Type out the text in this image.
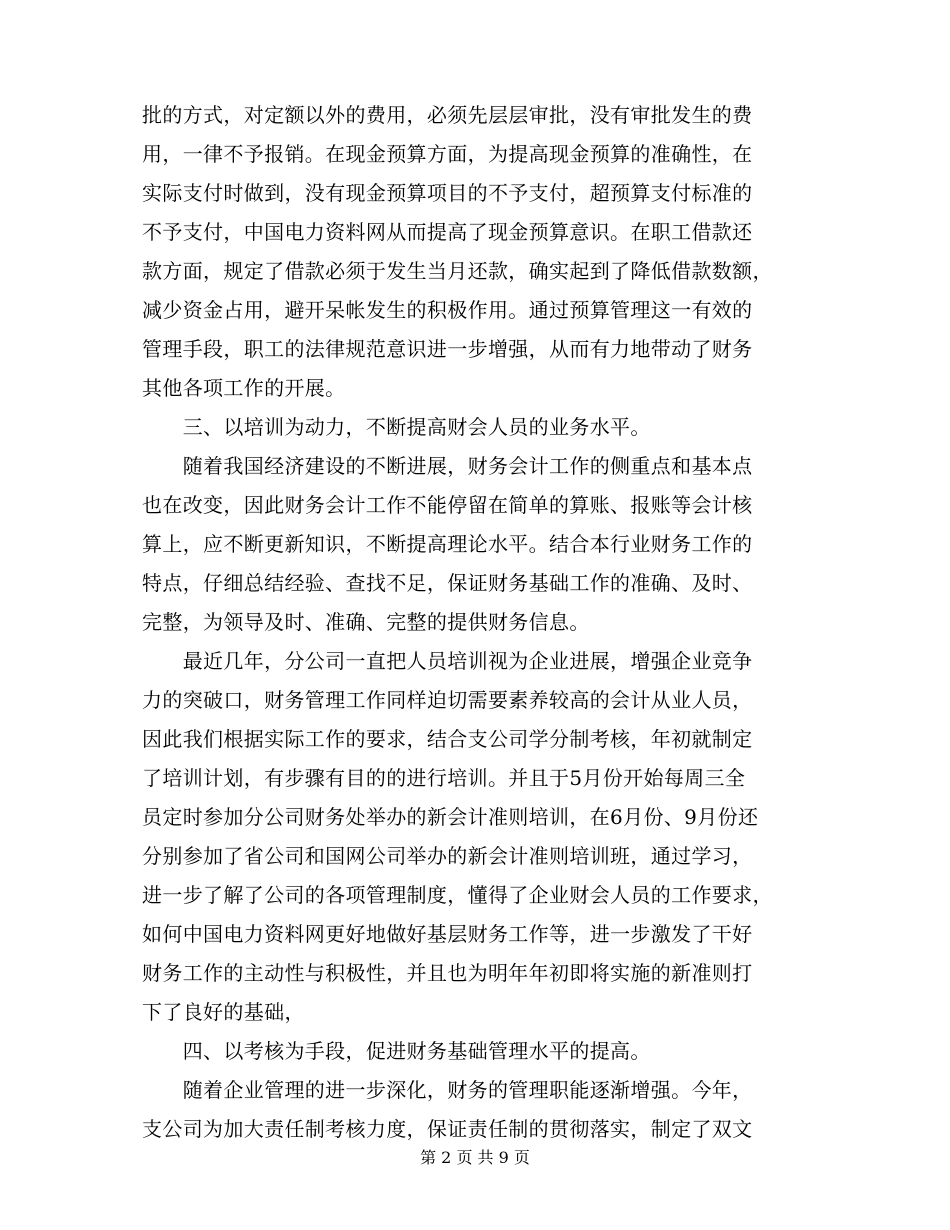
批的方式，对定额以外的费用，必须先层层审批，没有审批发生的费
用，一律不予报销。在现金预算方面，为提高现金预算的准确性，在
实际支付时做到，没有现金预算项目的不予支付，超预算支付标准的
不予支付，中国电力资料网从而提高了现金预算意识。在职工借款还
款方面，规定了借款必须于发生当月还款，确实起到了降低借款数额，
减少资金占用，避开呆帐发生的积极作用。通过预算管理这一有效的
管理手段，职工的法律规范意识进一步增强，从而有力地带动了财务
其他各项工作的开展。
　　三、以培训为动力，不断提高财会人员的业务水平。
　　随着我国经济建设的不断进展，财务会计工作的侧重点和基本点
也在改变，因此财务会计工作不能停留在简单的算账、报账等会计核
算上，应不断更新知识，不断提高理论水平。结合本行业财务工作的
特点，仔细总结经验、查找不足，保证财务基础工作的准确、及时、
完整，为领导及时、准确、完整的提供财务信息。
　　最近几年，分公司一直把人员培训视为企业进展，增强企业竞争
力的突破口，财务管理工作同样迫切需要素养较高的会计从业人员，
因此我们根据实际工作的要求，结合支公司学分制考核，年初就制定
了培训计划，有步骤有目的的进行培训。并且于5月份开始每周三全
员定时参加分公司财务处举办的新会计准则培训，在6月份、9月份还
分别参加了省公司和国网公司举办的新会计准则培训班，通过学习，
进一步了解了公司的各项管理制度，懂得了企业财会人员的工作要求，
如何中国电力资料网更好地做好基层财务工作等，进一步激发了干好
财务工作的主动性与积极性，并且也为明年年初即将实施的新准则打
下了良好的基础，
　　四、以考核为手段，促进财务基础管理水平的提高。
　　随着企业管理的进一步深化，财务的管理职能逐渐增强。今年，
支公司为加大责任制考核力度，保证责任制的贯彻落实，制定了双文
第 2 页 共 9 页
